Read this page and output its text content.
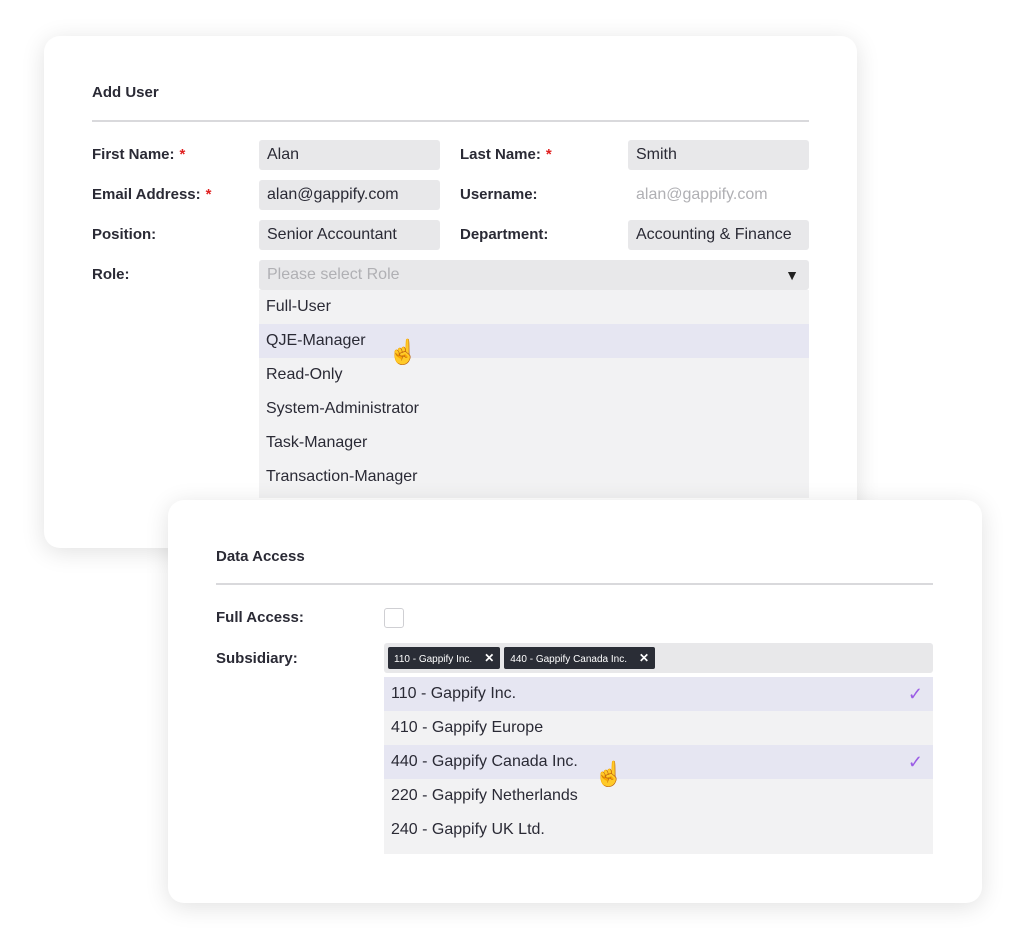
Add User
First Name: *	Alan	Last Name: *	Smith
Email Address: *	alan@gappify.com	Username:	alan@gappify.com
Position:	Senior Accountant	Department:	Accounting & Finance
Role:	Please select Role	▼
Full-User
QJE-Manager
Read-Only
System-Administrator
Task-Manager
Transaction-Manager
☝
Data Access
Full Access:
Subsidiary:	110 - Gappify Inc. ✕ 440 - Gappify Canada Inc. ✕
110 - Gappify Inc.	✓
410 - Gappify Europe
440 - Gappify Canada Inc.	✓
220 - Gappify Netherlands
240 - Gappify UK Ltd.
☝
